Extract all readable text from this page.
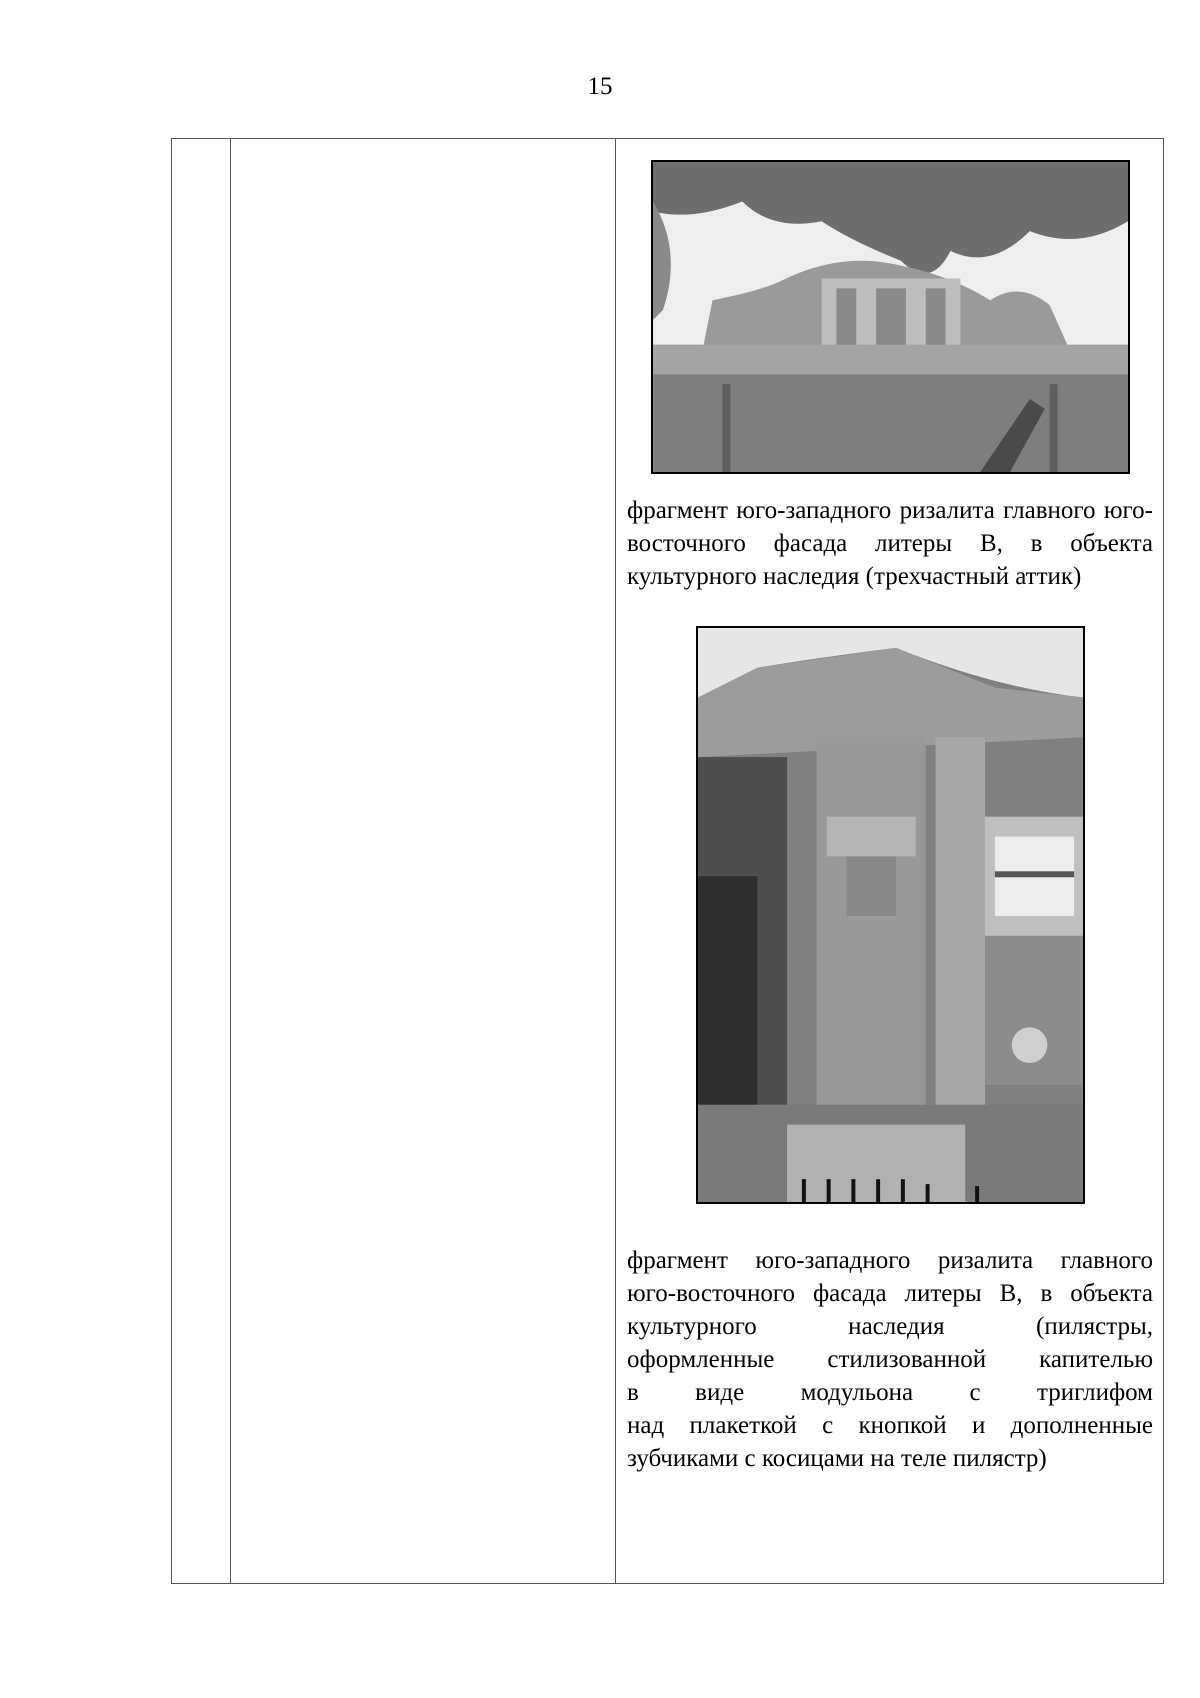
15
фрагмент юго-западного ризалита главного юго-восточного фасада литеры В, в объекта культурного наследия (трехчастный аттик)
фрагмент юго-западного ризалита главного
юго-восточного фасада литеры В, в объекта
культурного наследия (пилястры,
оформленные стилизованной капителью
в виде модульона с триглифом
над плакеткой с кнопкой и дополненные
зубчиками с косицами на теле пилястр)
